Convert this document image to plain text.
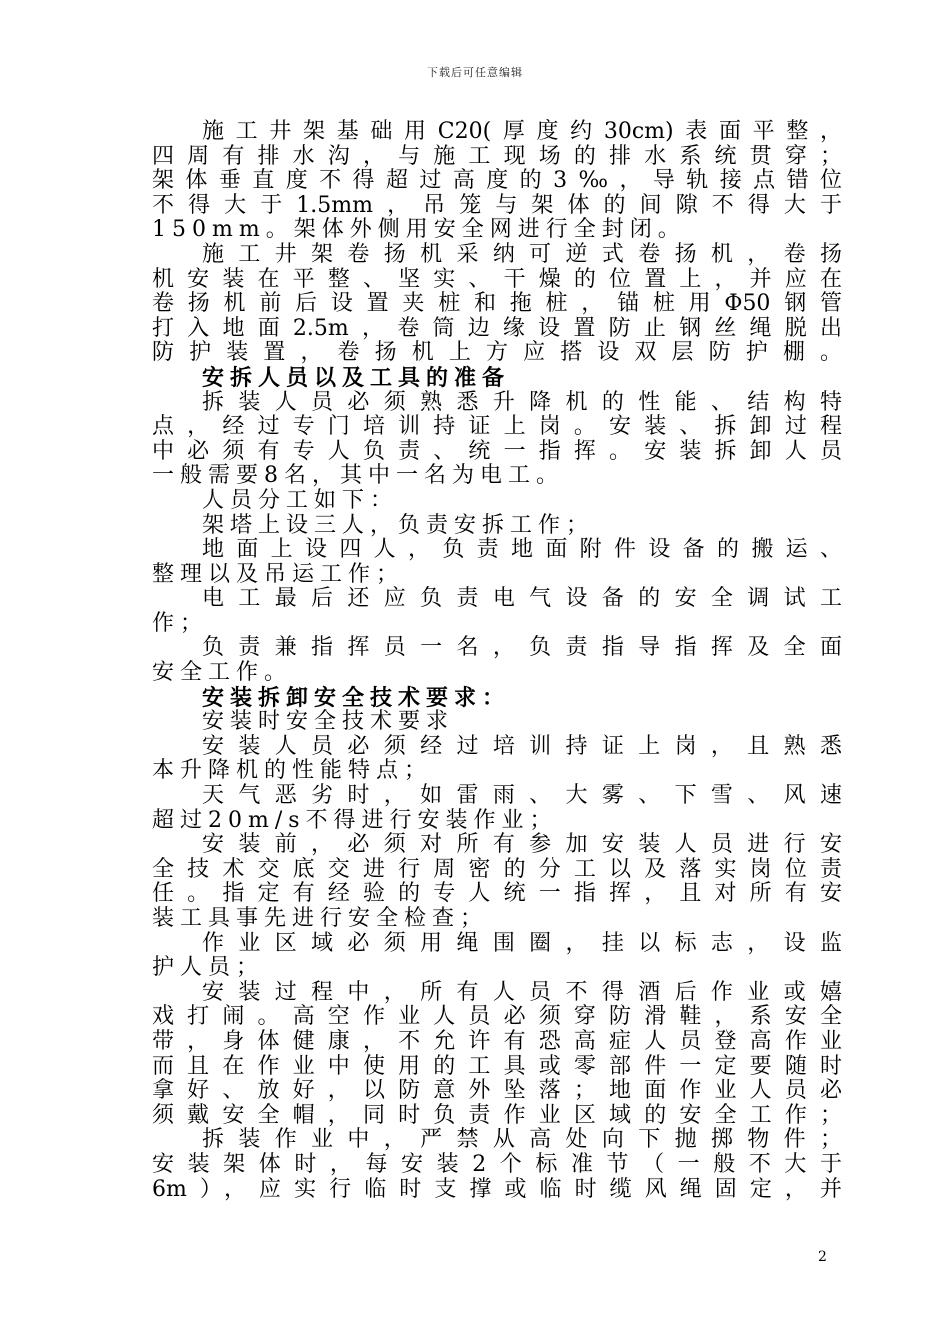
下载后可任意编辑
施工井架基础用C20(厚度约30cm)表面平整，
四周有排水沟，与施工现场的排水系统贯穿；
架体垂直度不得超过高度的3‰，导轨接点错位
不得大于1.5mm，吊笼与架体的间隙不得大于
150mm。架体外侧用安全网进行全封闭。
施工井架卷扬机采纳可逆式卷扬机，卷扬
机安装在平整、坚实、干燥的位置上，并应在
卷扬机前后设置夹桩和拖桩，锚桩用Φ50钢管
打入地面2.5m，卷筒边缘设置防止钢丝绳脱出
防护装置，卷扬机上方应搭设双层防护棚。
安拆人员以及工具的准备
拆装人员必须熟悉升降机的性能、结构特
点，经过专门培训持证上岗。安装、拆卸过程
中必须有专人负责、统一指挥。安装拆卸人员
一般需要8名，其中一名为电工。
人员分工如下：
架塔上设三人，负责安拆工作；
地面上设四人，负责地面附件设备的搬运、
整理以及吊运工作；
电工最后还应负责电气设备的安全调试工
作；
负责兼指挥员一名，负责指导指挥及全面
安全工作。
安装拆卸安全技术要求：
安装时安全技术要求
安装人员必须经过培训持证上岗，且熟悉
本升降机的性能特点；
天气恶劣时，如雷雨、大雾、下雪、风速
超过20m/s不得进行安装作业；
安装前，必须对所有参加安装人员进行安
全技术交底交进行周密的分工以及落实岗位责
任。指定有经验的专人统一指挥，且对所有安
装工具事先进行安全检查；
作业区域必须用绳围圈，挂以标志，设监
护人员；
安装过程中，所有人员不得酒后作业或嬉
戏打闹。高空作业人员必须穿防滑鞋，系安全
带，身体健康，不允许有恐高症人员登高作业
而且在作业中使用的工具或零部件一定要随时
拿好、放好，以防意外坠落；地面作业人员必
须戴安全帽，同时负责作业区域的安全工作；
拆装作业中，严禁从高处向下抛掷物件；
安装架体时，每安装2个标准节（一般不大于
6m），应实行临时支撑或临时缆风绳固定，并
2
